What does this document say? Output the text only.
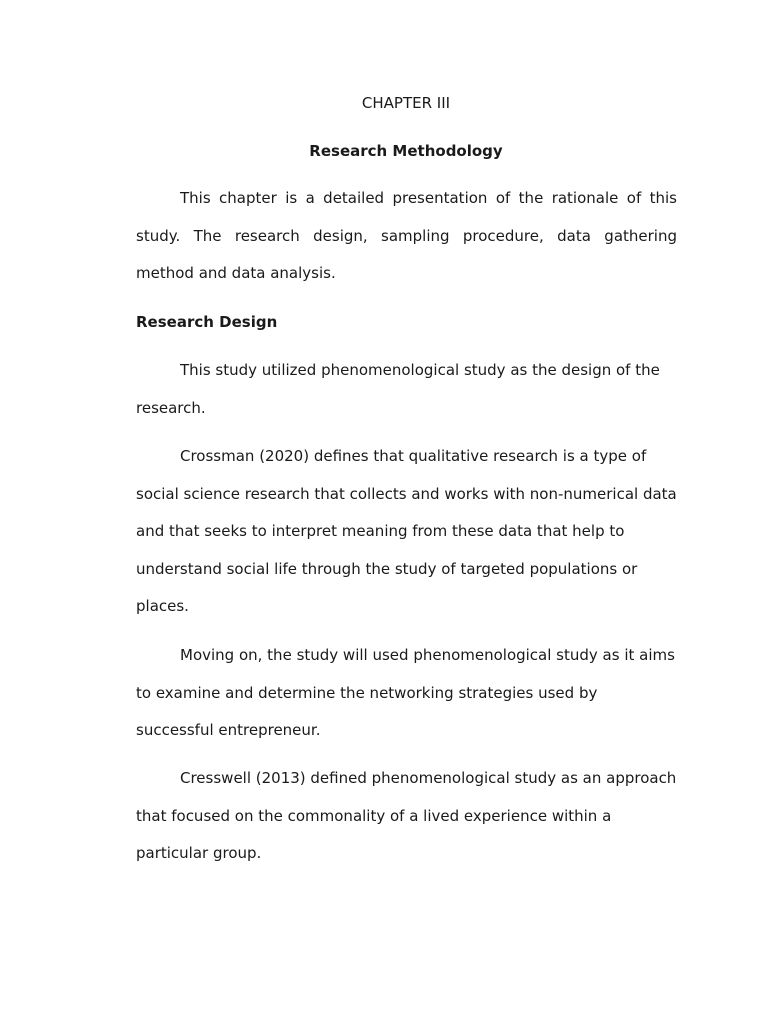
CHAPTER III
Research Methodology

This chapter is a detailed presentation of the rationale of this study. The research design, sampling procedure, data gathering method and data analysis.

Research Design

This study utilized phenomenological study as the design of the research.

Crossman (2020) defines that qualitative research is a type of social science research that collects and works with non-numerical data and that seeks to interpret meaning from these data that help to understand social life through the study of targeted populations or places.

Moving on, the study will used phenomenological study as it aims to examine and determine the networking strategies used by successful entrepreneur.

Cresswell (2013) defined phenomenological study as an approach that focused on the commonality of a lived experience within a particular group.
